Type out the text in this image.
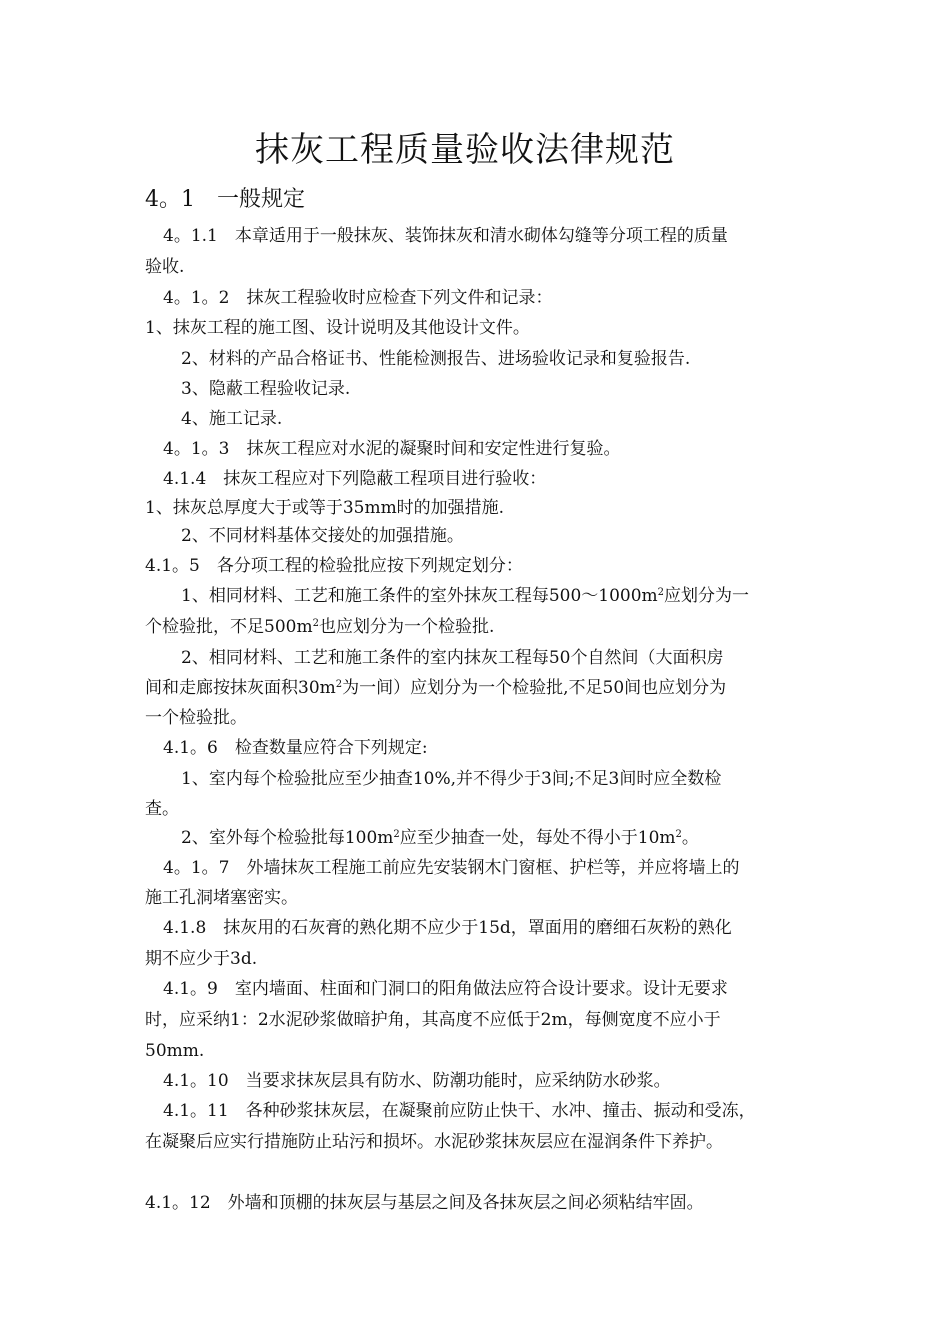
抹灰工程质量验收法律规范
4。1　一般规定
4。1.1　本章适用于一般抹灰、装饰抹灰和清水砌体勾缝等分项工程的质量
验收.
4。1。2　抹灰工程验收时应检查下列文件和记录：
1、抹灰工程的施工图、设计说明及其他设计文件。
2、材料的产品合格证书、性能检测报告、进场验收记录和复验报告.
3、隐蔽工程验收记录.
4、施工记录.
4。1。3　抹灰工程应对水泥的凝聚时间和安定性进行复验。
4.1.4　抹灰工程应对下列隐蔽工程项目进行验收：
1、抹灰总厚度大于或等于35mm时的加强措施.
2、不同材料基体交接处的加强措施。
4.1。5　各分项工程的检验批应按下列规定划分：
1、相同材料、工艺和施工条件的室外抹灰工程每$500\sim 1000m^2$应划分为一
个检验批，不足$500m^2$也应划分为一个检验批.
2、相同材料、工艺和施工条件的室内抹灰工程每50个自然间（大面积房
间和走廊按抹灰面积$30m^2$为一间）应划分为一个检验批,不足50间也应划分为
一个检验批。
4.1。6　检查数量应符合下列规定:
1、室内每个检验批应至少抽查10%,并不得少于3间;不足3间时应全数检
查。
2、室外每个检验批每$100m^2$应至少抽查一处，每处不得小于$10m^2$。
4。1。7　外墙抹灰工程施工前应先安装钢木门窗框、护栏等，并应将墙上的
施工孔洞堵塞密实。
4.1.8　抹灰用的石灰膏的熟化期不应少于15d，罩面用的磨细石灰粉的熟化
期不应少于3d.
4.1。9　室内墙面、柱面和门洞口的阳角做法应符合设计要求。设计无要求
时，应采纳1：2水泥砂浆做暗护角，其高度不应低于2m，每侧宽度不应小于
50mm.
4.1。10　当要求抹灰层具有防水、防潮功能时，应采纳防水砂浆。
4.1。11　各种砂浆抹灰层，在凝聚前应防止快干、水冲、撞击、振动和受冻，
在凝聚后应实行措施防止玷污和损坏。水泥砂浆抹灰层应在湿润条件下养护。
4.1。12　外墙和顶棚的抹灰层与基层之间及各抹灰层之间必须粘结牢固。
